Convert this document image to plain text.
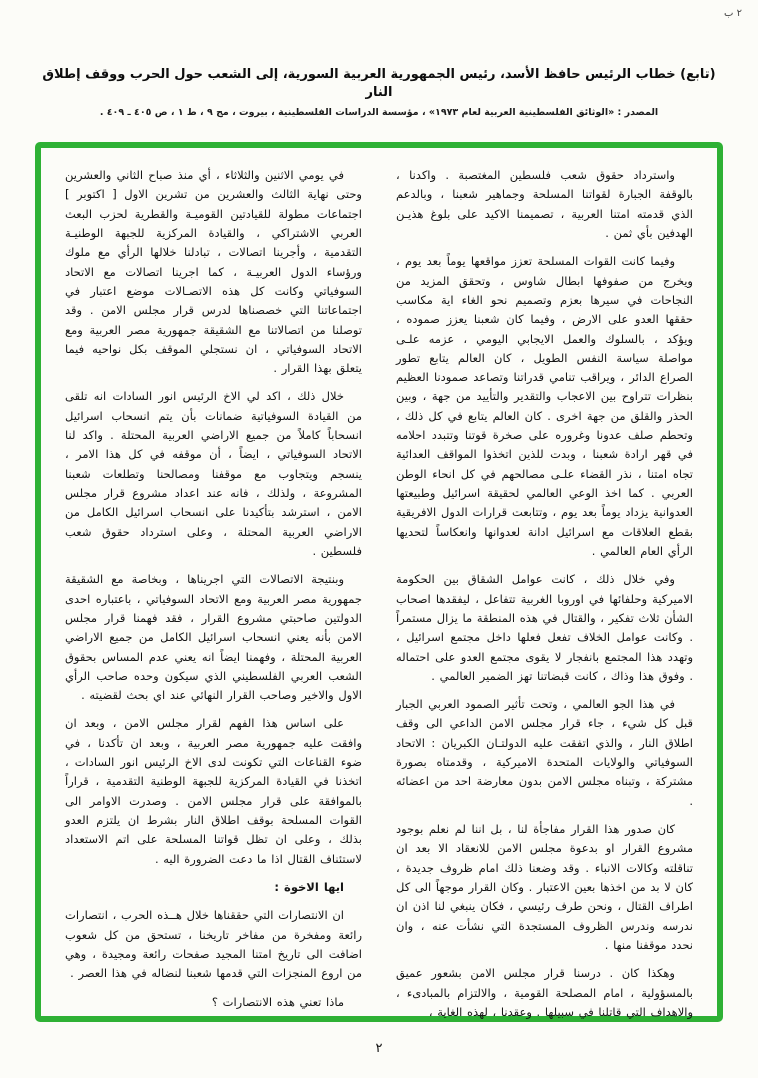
٢ ب
(تابع) خطاب الرئيس حافظ الأسد، رئيس الجمهورية العربية السورية، إلى الشعب حول الحرب ووقف إطلاق النار
المصدر : «الوثائق الفلسطينية العربية لعام ١٩٧٣» ، مؤسسة الدراسات الفلسطينية ، بيروت ، مج ٩ ، ط ١ ، ص ٤٠٥ ـ ٤٠٩ .

واسترداد حقوق شعب فلسطين المغتصبة . واكدنا ، بالوقفة الجبارة لقواتنا المسلحة وجماهير شعبنا ، وبالدعم الذي قدمته امتنا العربية ، تصميمنا الاكيد على بلوغ هذيـن الهدفين بأي ثمن .

وفيما كانت القوات المسلحة تعزز مواقعها يوماً بعد يوم ، ويخرج من صفوفها ابطال شاوس ، وتحقق المزيد من النجاحات في سيرها بعزم وتصميم نحو الغاء اية مكاسب حققها العدو على الارض ، وفيما كان شعبنا يعزز صموده ، ويؤكد ، بالسلوك والعمل الايجابي اليومي ، عزمه علـى مواصلة سياسة النفس الطويل ، كان العالم يتابع تطور الصراع الدائر ، ويراقب تنامي قدراتنا وتصاعد صمودنا العظيم بنظرات تتراوح بين الاعجاب والتقدير والتأييد من جهة ، وبين الحذر والقلق من جهة اخرى . كان العالم يتابع في كل ذلك ، وتحطم صلف عدونا وغروره على صخرة قوتنا وتتبدد احلامه في قهر ارادة شعبنا ، وبدت للذين اتخذوا المواقف العدائية تجاه امتنا ، نذر القضاء علـى مصالحهم في كل انحاء الوطن العربي . كما اخذ الوعي العالمي لحقيقة اسرائيل وطبيعتها العدوانية يزداد يوماً بعد يوم ، وتتابعت قرارات الدول الافريقية بقطع العلاقات مع اسرائيل ادانة لعدوانها وانعكاساً لتحديها الرأي العام العالمي .

وفي خلال ذلك ، كانت عوامل الشقاق بين الحكومة الاميركية وحلفائها في اوروبا الغربية تتفاعل ، ليفقدها اصحاب الشأن ثلاث تفكير ، والقتال في هذه المنطقة ما يزال مستمراً . وكانت عوامل الخلاف تفعل فعلها داخل مجتمع اسرائيل ، وتهدد هذا المجتمع بانفجار لا يقوى مجتمع العدو على احتماله . وفوق هذا وذاك ، كانت قبضاتنا تهز الضمير العالمي .

في هذا الجو العالمي ، وتحت تأثير الصمود العربي الجبار قبل كل شيء ، جاء قرار مجلس الامن الداعي الى وقف اطلاق النار ، والذي اتفقت عليه الدولتـان الكبريان : الاتحاد السوفياتي والولايات المتحدة الاميركية ، وقدمتاه بصورة مشتركة ، وتبناه مجلس الامن بدون معارضة احد من اعضائه .

كان صدور هذا القرار مفاجأة لنا ، بل اننا لم نعلم بوجود مشروع القرار او بدعوة مجلس الامن للانعقاد الا بعد ان تناقلته وكالات الانباء . وقد وضعنا ذلك امام ظروف جديدة ، كان لا بد من اخذها بعين الاعتبار . وكان القرار موجهاً الى كل اطراف القتال ، ونحن طرف رئيسي ، فكان ينبغي لنا اذن ان ندرسه وندرس الظروف المستجدة التي نشأت عنه ، وان نحدد موقفنا منها .

وهكذا كان . درسنا قرار مجلس الامن بشعور عميق بالمسؤولية ، امام المصلحة القومية ، والالتزام بالمبادىء ، والاهداف التي قاتلنا في سبيلها . وعقدنا ، لهذه الغاية ،

في يومي الاثنين والثلاثاء ، أي منذ صباح الثاني والعشرين وحتى نهاية الثالث والعشرين من تشرين الاول [ اكتوبر ] اجتماعات مطولة للقيادتين القوميـة والقطرية لحزب البعث العربي الاشتراكي ، والقيادة المركزية للجبهة الوطنيـة التقدمية ، وأجرينا اتصالات ، تبادلنا خلالها الرأي مع ملوك ورؤساء الدول العربيـة ، كما اجرينا اتصالات مع الاتحاد السوفياتي وكانت كل هذه الاتصـالات موضع اعتبار في اجتماعاتنا التي خصصناها لدرس قرار مجلس الامن . وقد توصلنا من اتصالاتنا مع الشقيقة جمهورية مصر العربية ومع الاتحاد السوفياتي ، ان نستجلي الموقف بكل نواحيه فيما يتعلق بهذا القرار .

خلال ذلك ، اكد لي الاخ الرئيس انور السادات انه تلقى من القيادة السوفياتية ضمانات بأن يتم انسحاب اسرائيل انسحاباً كاملاً من جميع الاراضي العربية المحتلة . واكد لنا الاتحاد السوفياتي ، ايضاً ، أن موقفه في كل هذا الامر ، ينسجم ويتجاوب مع موقفنا ومصالحنا وتطلعات شعبنا المشروعة ، ولذلك ، فانه عند اعداد مشروع قرار مجلس الامن ، استرشد بتأكيدنا على انسحاب اسرائيل الكامل من الاراضي العربية المحتلة ، وعلى استرداد حقوق شعب فلسطين .

وبنتيجة الاتصالات التي اجريناها ، وبخاصة مع الشقيقة جمهورية مصر العربية ومع الاتحاد السوفياتي ، باعتباره احدى الدولتين صاحبتي مشروع القرار ، فقد فهمنا قرار مجلس الامن بأنه يعني انسحاب اسرائيل الكامل من جميع الاراضي العربية المحتلة ، وفهمنا ايضاً انه يعني عدم المساس بحقوق الشعب العربي الفلسطيني الذي سيكون وحده صاحب الرأي الاول والاخير وصاحب القرار النهائي عند اي بحث لقضيته .

على اساس هذا الفهم لقرار مجلس الامن ، وبعد ان وافقت عليه جمهورية مصر العربية ، وبعد ان تأكدنا ، في ضوء القناعات التي تكونت لدى الاخ الرئيس انور السادات ، اتخذنا في القيادة المركزية للجبهة الوطنية التقدمية ، قراراً بالموافقة على قرار مجلس الامن . وصدرت الاوامر الى القوات المسلحة بوقف اطلاق النار بشرط ان يلتزم العدو بذلك ، وعلى ان تظل قواتنا المسلحة على اتم الاستعداد لاستئناف القتال اذا ما دعت الضرورة اليه .

ايها الاخوة :

ان الانتصارات التي حققناها خلال هــذه الحرب ، انتصارات رائعة ومفخرة من مفاخر تاريخنا ، تستحق من كل شعوب اضافت الى تاريخ امتنا المجيد صفحات رائعة ومجيدة ، وهي من اروع المنجزات التي قدمها شعبنا لنضاله في هذا العصر .

ماذا تعني هذه الانتصارات ؟

٢
